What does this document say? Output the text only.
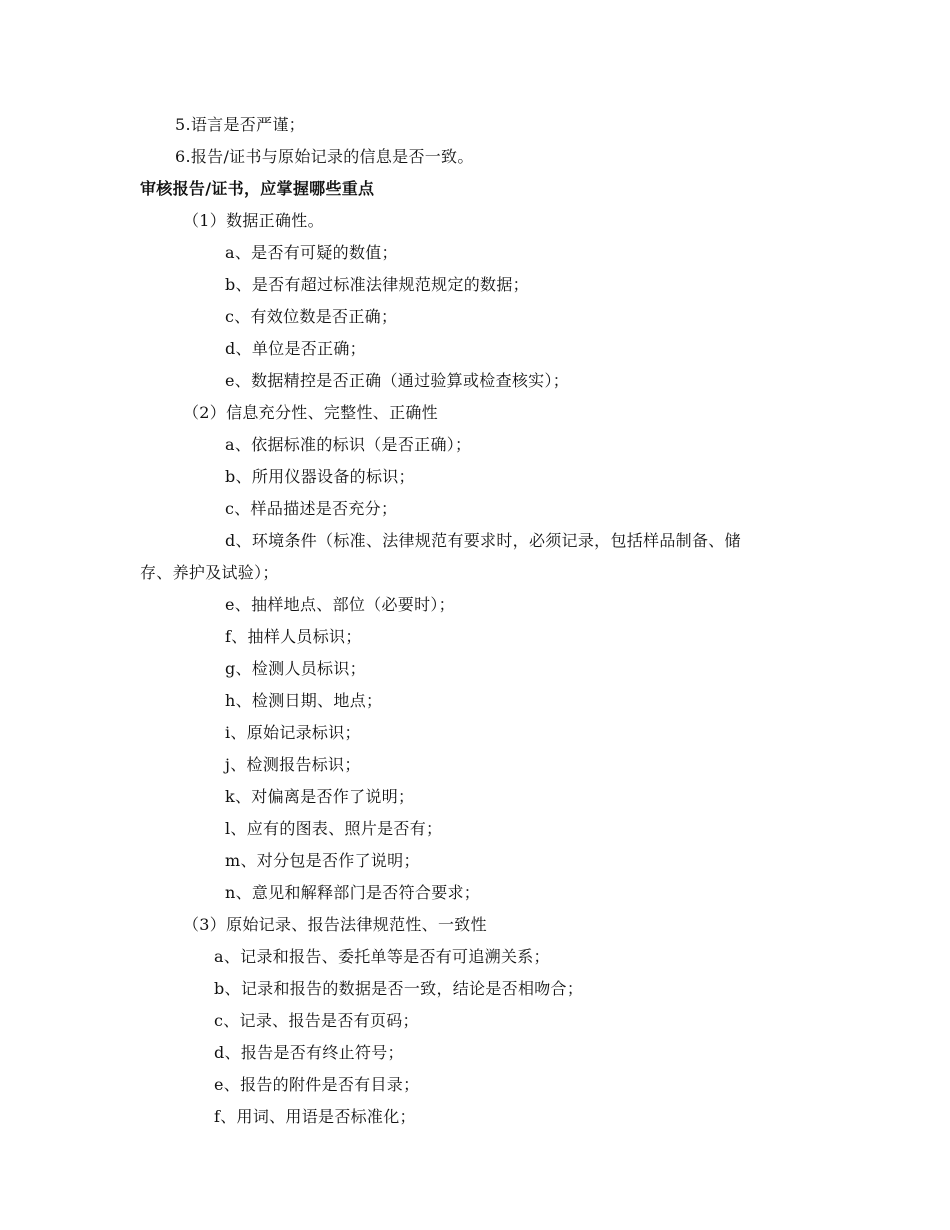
5.语言是否严谨；
6.报告/证书与原始记录的信息是否一致。
审核报告/证书，应掌握哪些重点
（1）数据正确性。
a、是否有可疑的数值；
b、是否有超过标准法律规范规定的数据；
c、有效位数是否正确；
d、单位是否正确；
e、数据精控是否正确（通过验算或检查核实）；
（2）信息充分性、完整性、正确性
a、依据标准的标识（是否正确）；
b、所用仪器设备的标识；
c、样品描述是否充分；
d、环境条件（标准、法律规范有要求时，必须记录，包括样品制备、储
存、养护及试验）；
e、抽样地点、部位（必要时）；
f、抽样人员标识；
g、检测人员标识；
h、检测日期、地点；
i、原始记录标识；
j、检测报告标识；
k、对偏离是否作了说明；
l、应有的图表、照片是否有；
m、对分包是否作了说明；
n、意见和解释部门是否符合要求；
（3）原始记录、报告法律规范性、一致性
a、记录和报告、委托单等是否有可追溯关系；
b、记录和报告的数据是否一致，结论是否相吻合；
c、记录、报告是否有页码；
d、报告是否有终止符号；
e、报告的附件是否有目录；
f、用词、用语是否标准化；
